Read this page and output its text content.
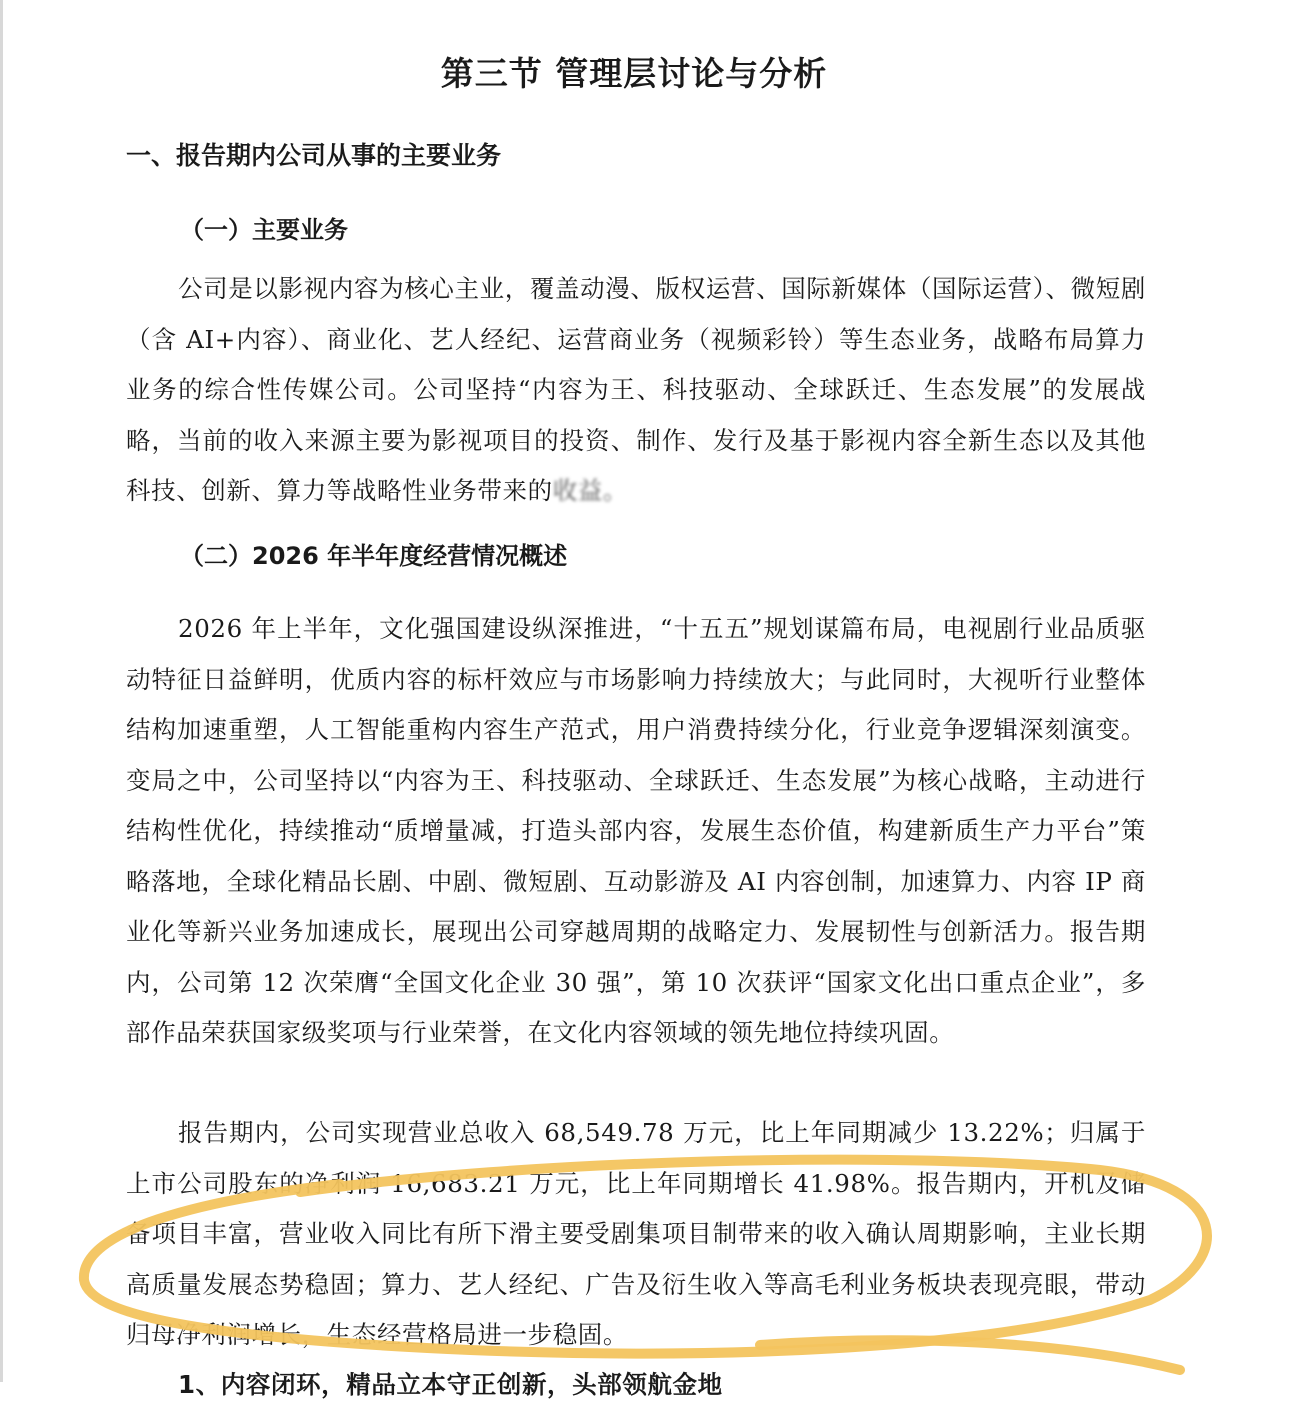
第三节 管理层讨论与分析
一、报告期内公司从事的主要业务
（一）主要业务

公司是以影视内容为核心主业，覆盖动漫、版权运营、国际新媒体（国际运营）、微短剧（含 AI+内容）、商业化、艺人经纪、运营商业务（视频彩铃）等生态业务，战略布局算力业务的综合性传媒公司。公司坚持“内容为王、科技驱动、全球跃迁、生态发展”的发展战略，当前的收入来源主要为影视项目的投资、制作、发行及基于影视内容全新生态以及其他科技、创新、算力等战略性业务带来的收益。

（二）2026 年半年度经营情况概述

2026 年上半年，文化强国建设纵深推进，“十五五”规划谋篇布局，电视剧行业品质驱动特征日益鲜明，优质内容的标杆效应与市场影响力持续放大；与此同时，大视听行业整体结构加速重塑，人工智能重构内容生产范式，用户消费持续分化，行业竞争逻辑深刻演变。变局之中，公司坚持以“内容为王、科技驱动、全球跃迁、生态发展”为核心战略，主动进行结构性优化，持续推动“质增量减，打造头部内容，发展生态价值，构建新质生产力平台”策略落地，全球化精品长剧、中剧、微短剧、互动影游及 AI 内容创制，加速算力、内容 IP 商业化等新兴业务加速成长，展现出公司穿越周期的战略定力、发展韧性与创新活力。报告期内，公司第 12 次荣膺“全国文化企业 30 强”，第 10 次获评“国家文化出口重点企业”，多部作品荣获国家级奖项与行业荣誉，在文化内容领域的领先地位持续巩固。

报告期内，公司实现营业总收入 68,549.78 万元，比上年同期减少 13.22%；归属于上市公司股东的净利润 16,683.21 万元，比上年同期增长 41.98%。报告期内，开机及储备项目丰富，营业收入同比有所下滑主要受剧集项目制带来的收入确认周期影响，主业长期高质量发展态势稳固；算力、艺人经纪、广告及衍生收入等高毛利业务板块表现亮眼，带动归母净利润增长，生态经营格局进一步稳固。

1、内容闭环，精品立本守正创新，头部领航金地
